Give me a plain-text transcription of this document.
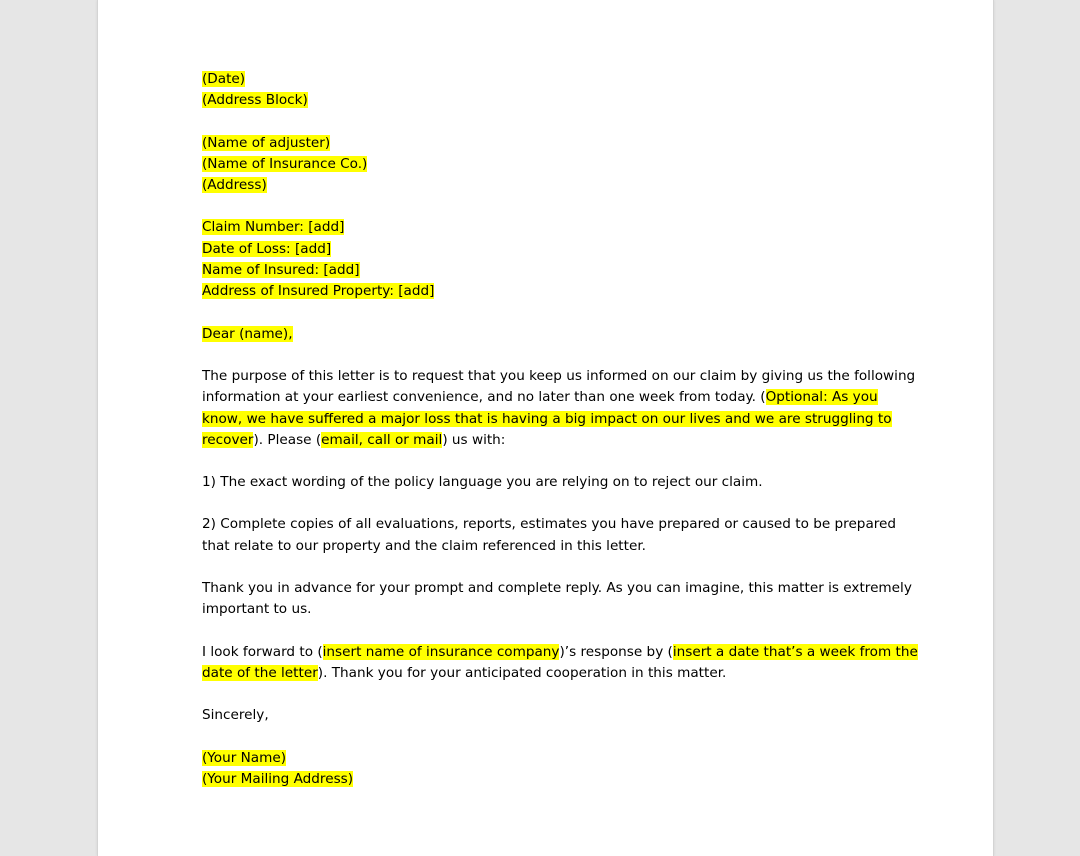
(Date)
(Address Block)
(Name of adjuster)
(Name of Insurance Co.)
(Address)
Claim Number: [add]
Date of Loss: [add]
Name of Insured: [add]
Address of Insured Property: [add]
Dear (name),
The purpose of this letter is to request that you keep us informed on our claim by giving us the following
information at your earliest convenience, and no later than one week from today. (Optional: As you
know, we have suffered a major loss that is having a big impact on our lives and we are struggling to
recover). Please (email, call or mail) us with:
1) The exact wording of the policy language you are relying on to reject our claim.
2) Complete copies of all evaluations, reports, estimates you have prepared or caused to be prepared
that relate to our property and the claim referenced in this letter.
Thank you in advance for your prompt and complete reply. As you can imagine, this matter is extremely
important to us.
I look forward to (insert name of insurance company)’s response by (insert a date that’s a week from the
date of the letter). Thank you for your anticipated cooperation in this matter.
Sincerely,
(Your Name)
(Your Mailing Address)
